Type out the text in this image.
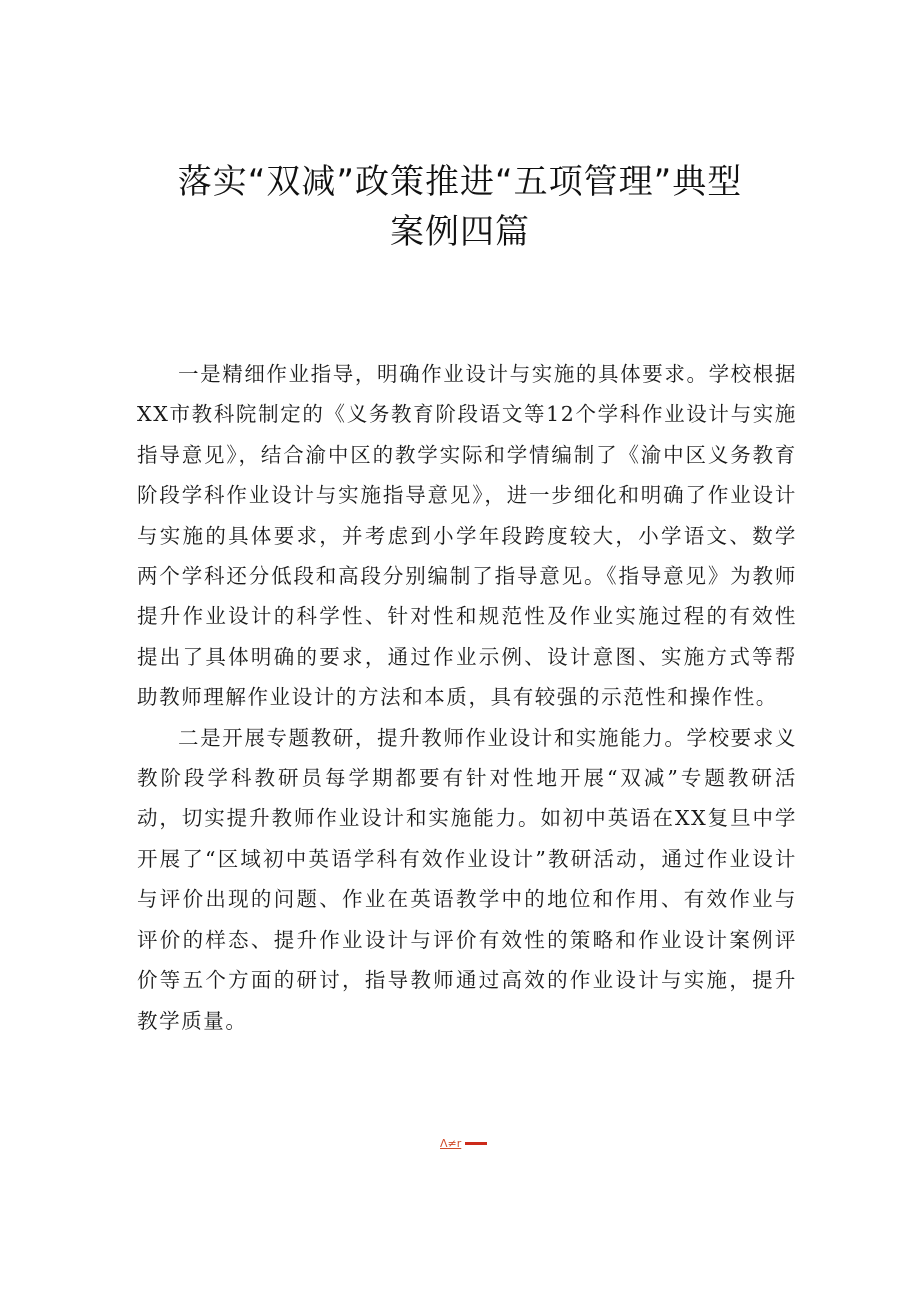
落实“双减”政策推进“五项管理”典型
案例四篇

一是精细作业指导，明确作业设计与实施的具体要求。学校根据XX市教科院制定的《义务教育阶段语文等12个学科作业设计与实施指导意见》，结合渝中区的教学实际和学情编制了《渝中区义务教育阶段学科作业设计与实施指导意见》，进一步细化和明确了作业设计与实施的具体要求，并考虑到小学年段跨度较大，小学语文、数学两个学科还分低段和高段分别编制了指导意见。《指导意见》为教师提升作业设计的科学性、针对性和规范性及作业实施过程的有效性提出了具体明确的要求，通过作业示例、设计意图、实施方式等帮助教师理解作业设计的方法和本质，具有较强的示范性和操作性。

二是开展专题教研，提升教师作业设计和实施能力。学校要求义教阶段学科教研员每学期都要有针对性地开展“双减”专题教研活动，切实提升教师作业设计和实施能力。如初中英语在XX复旦中学开展了“区域初中英语学科有效作业设计”教研活动，通过作业设计与评价出现的问题、作业在英语教学中的地位和作用、有效作业与评价的样态、提升作业设计与评价有效性的策略和作业设计案例评价等五个方面的研讨，指导教师通过高效的作业设计与实施，提升教学质量。

Λ≠r
